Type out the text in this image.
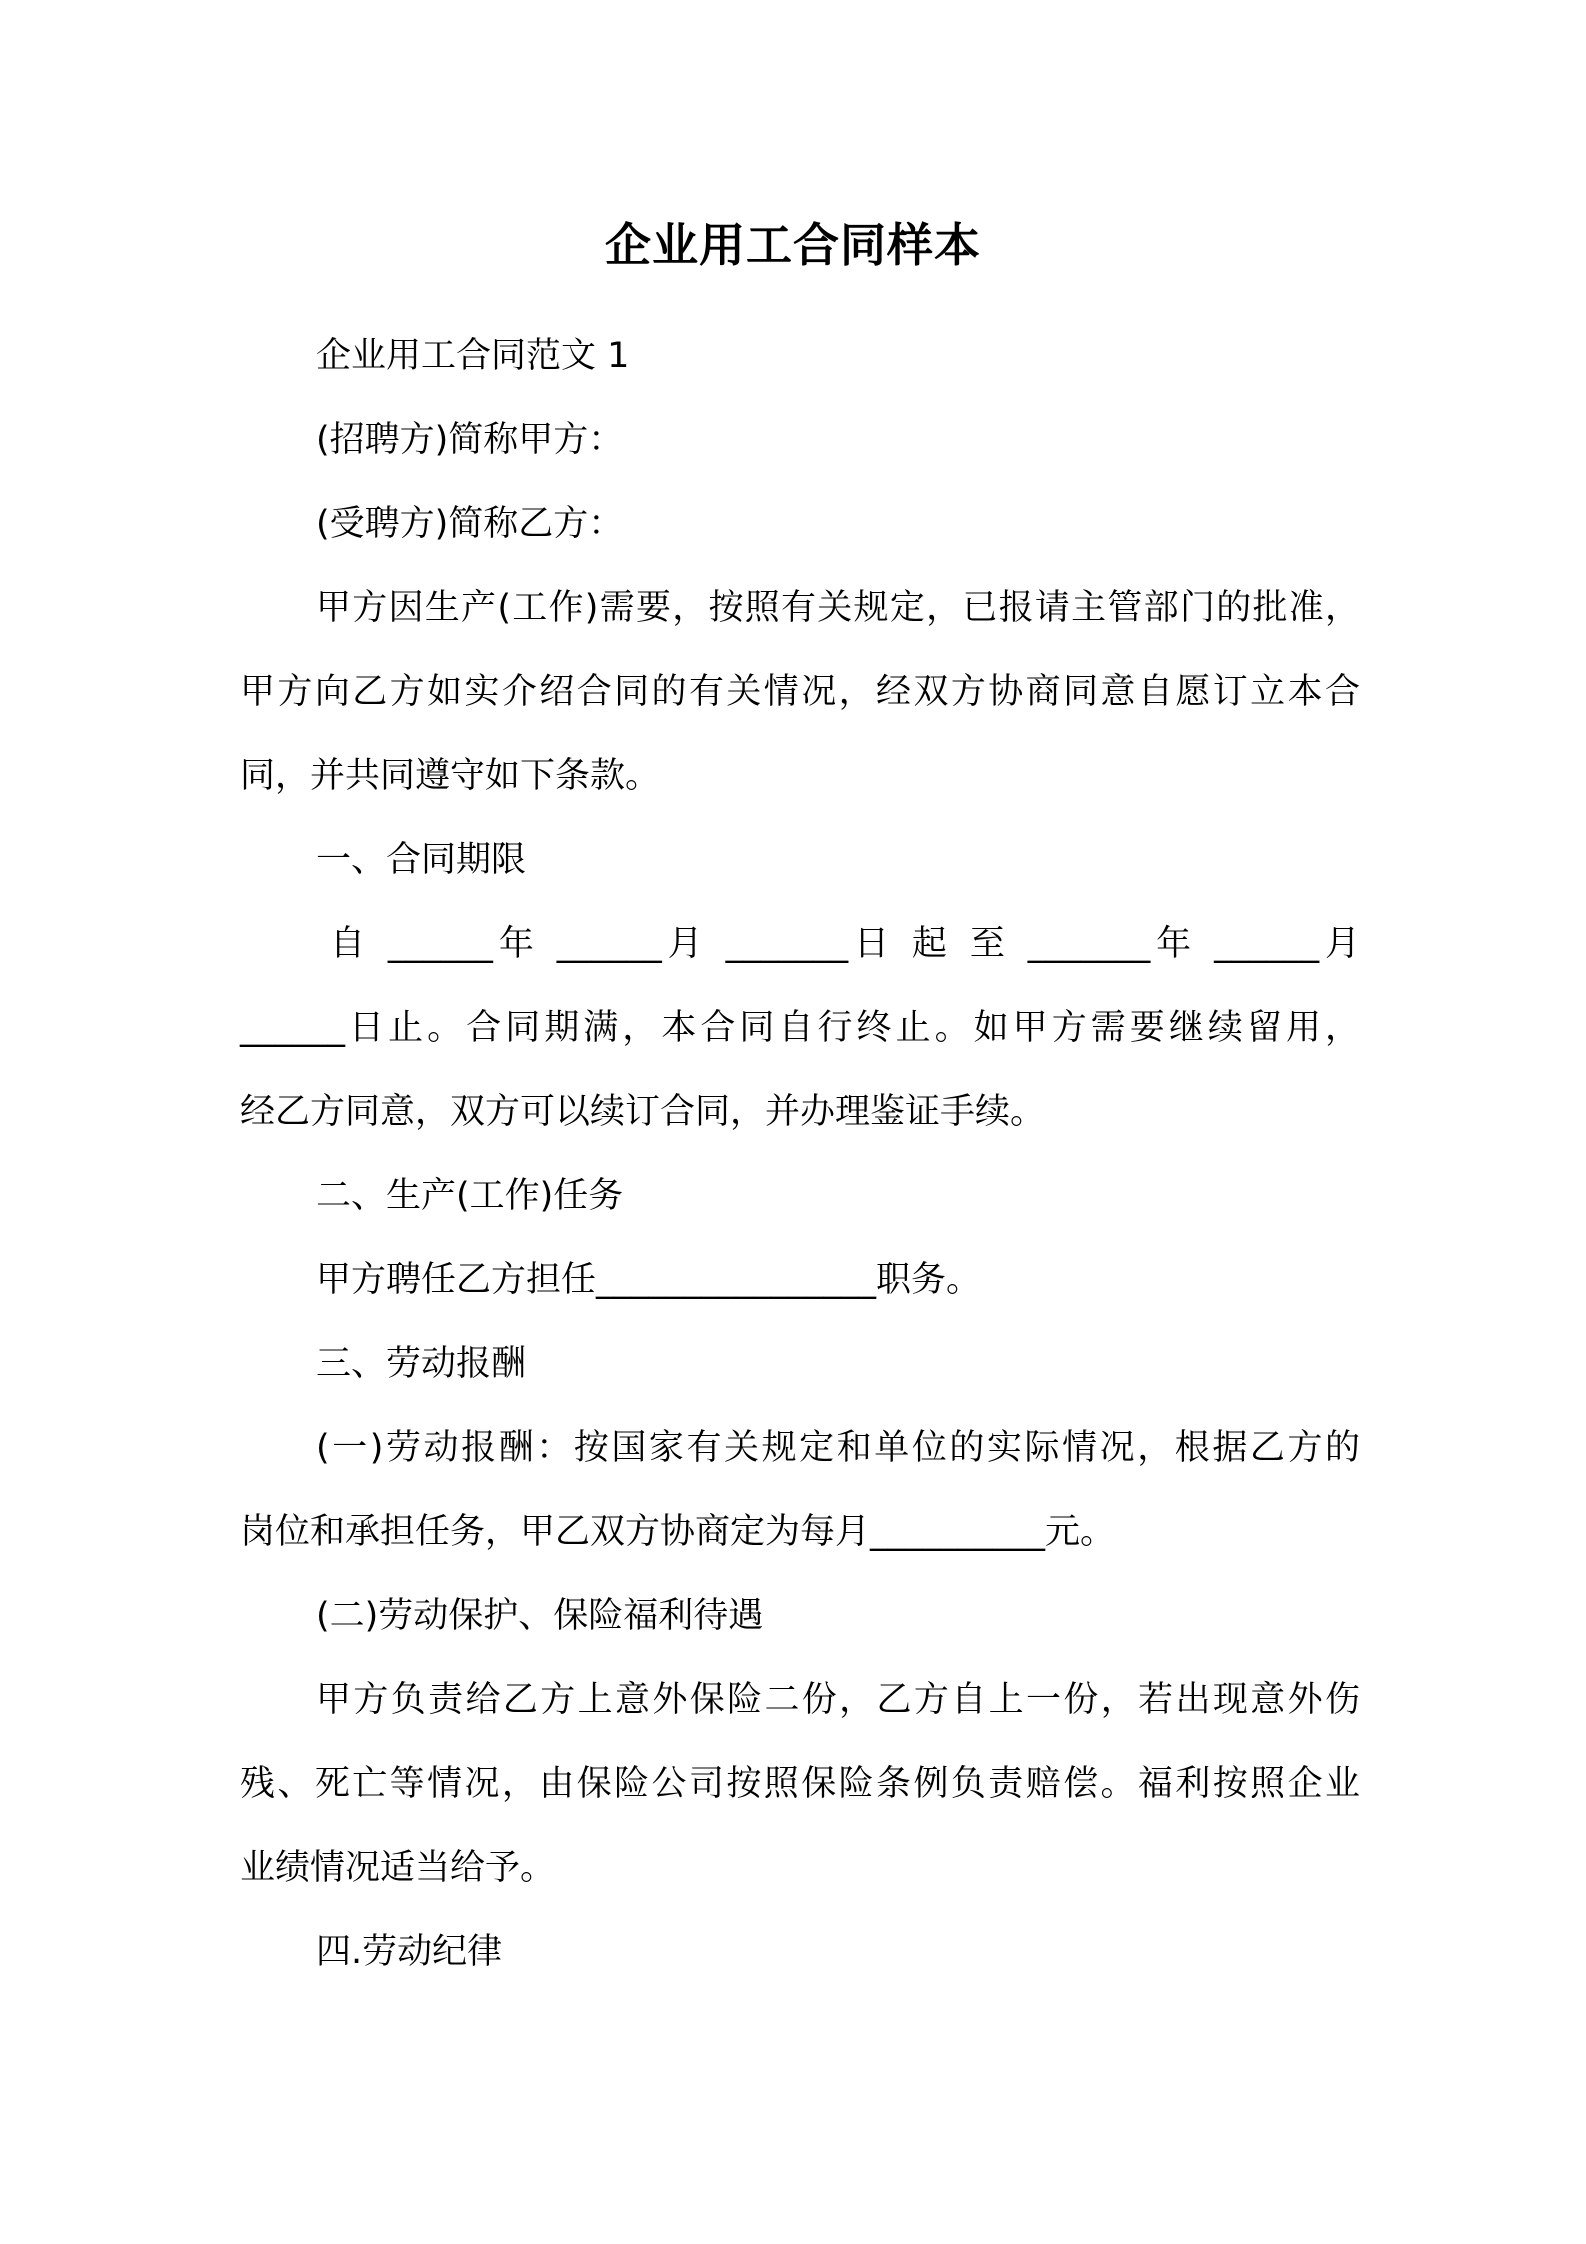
企业用工合同样本
企业用工合同范文 1
(招聘方)简称甲方：
(受聘方)简称乙方：
甲方因生产(工作)需要，按照有关规定，已报请主管部门的批准，
甲方向乙方如实介绍合同的有关情况，经双方协商同意自愿订立本合
同，并共同遵守如下条款。
一、合同期限
自 ______年 ______月 _______日 起 至 _______年 ______月
______日止。合同期满，本合同自行终止。如甲方需要继续留用，
经乙方同意，双方可以续订合同，并办理鉴证手续。
二、生产(工作)任务
甲方聘任乙方担任________________职务。
三、劳动报酬
(一)劳动报酬：按国家有关规定和单位的实际情况，根据乙方的
岗位和承担任务，甲乙双方协商定为每月__________元。
(二)劳动保护、保险福利待遇
甲方负责给乙方上意外保险二份，乙方自上一份，若出现意外伤
残、死亡等情况，由保险公司按照保险条例负责赔偿。福利按照企业
业绩情况适当给予。
四.劳动纪律
